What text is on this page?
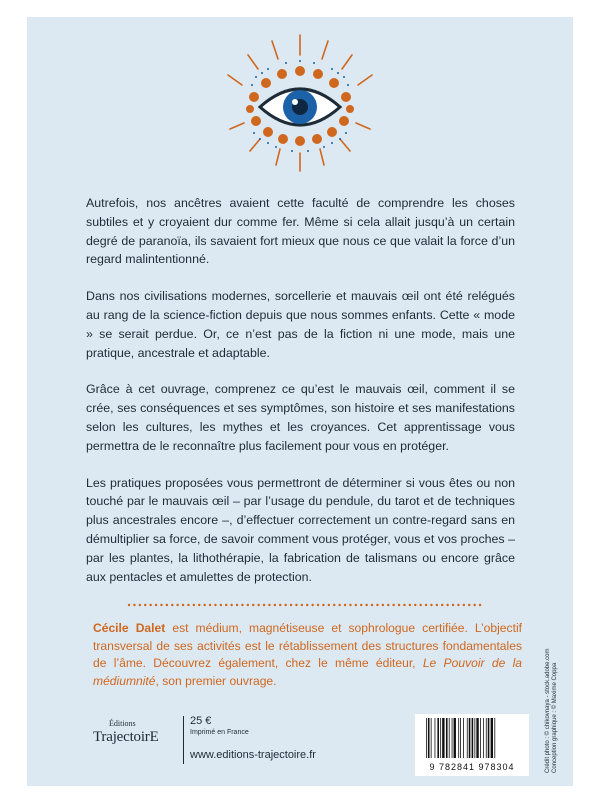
Autrefois, nos ancêtres avaient cette faculté de comprendre les choses subtiles et y croyaient dur comme fer. Même si cela allait jusqu’à un certain degré de paranoïa, ils savaient fort mieux que nous ce que valait la force d’un regard malintentionné.

Dans nos civilisations modernes, sorcellerie et mauvais œil ont été relégués au rang de la science-fiction depuis que nous sommes enfants. Cette « mode » se serait perdue. Or, ce n’est pas de la fiction ni une mode, mais une pratique, ancestrale et adaptable.

Grâce à cet ouvrage, comprenez ce qu’est le mauvais œil, comment il se crée, ses conséquences et ses symptômes, son histoire et ses manifestations selon les cultures, les mythes et les croyances. Cet apprentissage vous permettra de le reconnaître plus facilement pour vous en protéger.

Les pratiques proposées vous permettront de déterminer si vous êtes ou non touché par le mauvais œil – par l’usage du pendule, du tarot et de techniques plus ancestrales encore –, d’effectuer correctement un contre-regard sans en démultiplier sa force, de savoir comment vous protéger, vous et vos proches – par les plantes, la lithothérapie, la fabrication de talismans ou encore grâce aux pentacles et amulettes de protection.

Cécile Dalet est médium, magnétiseuse et sophrologue certifiée. L’objectif transversal de ses activités est le rétablissement des structures fondamentales de l’âme. Découvrez également, chez le même éditeur, Le Pouvoir de la médiumnité, son premier ouvrage.
Éditions
TrajectoirE
25 €
Imprimé en France
www.editions-trajectoire.fr
9 782841 978304	Crédit photo : © chikovnaya - stock.adobe.com Conception graphique : © Maxime Coppa
